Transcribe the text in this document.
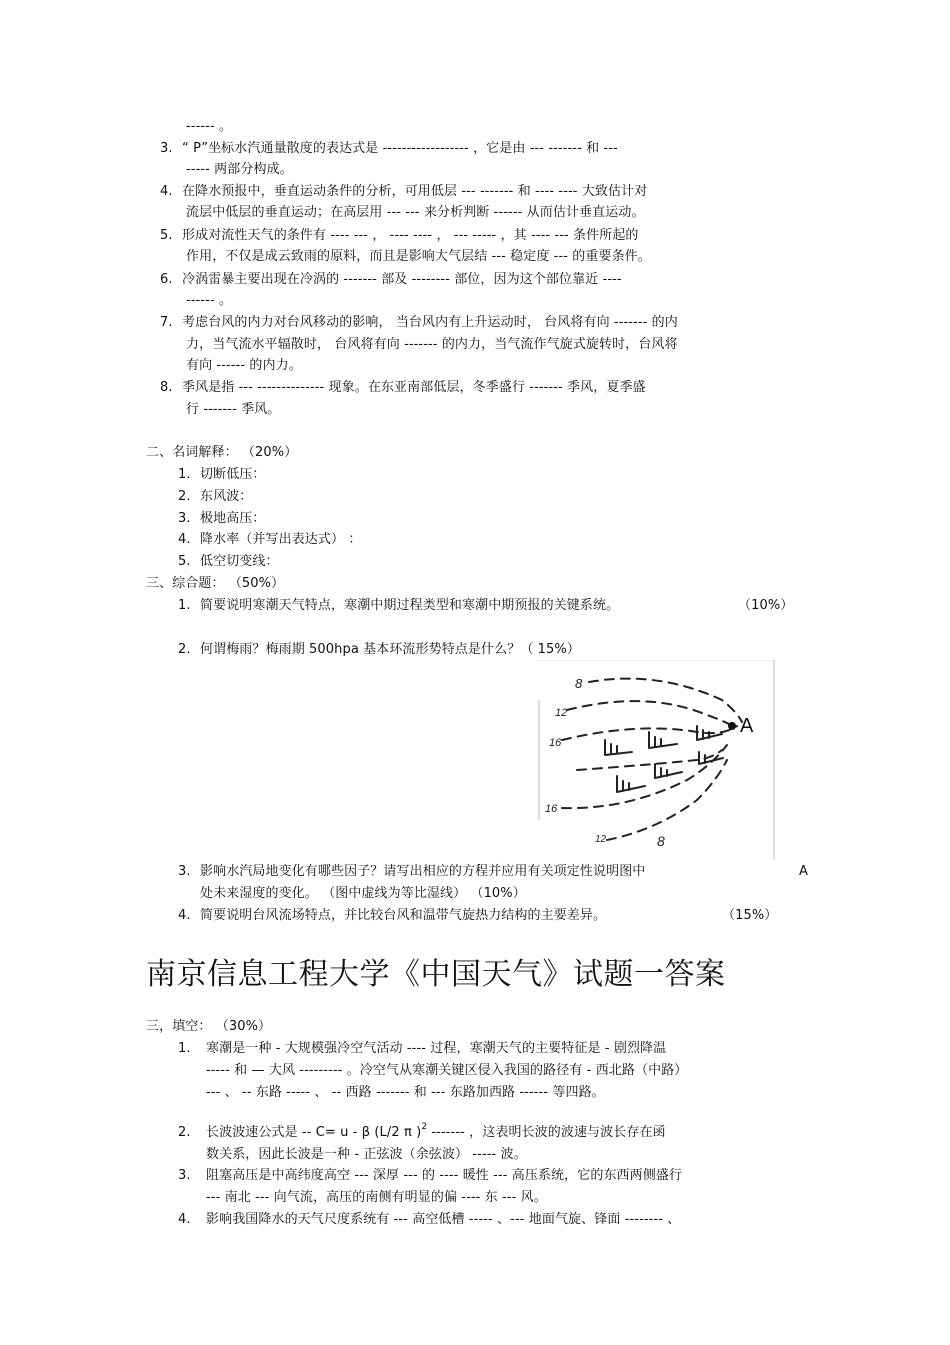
------ 。
3. “ P”坐标水汽通量散度的表达式是 ------------------ ，它是由 --- ------- 和 ---
----- 两部分构成。
4. 在降水预报中，垂直运动条件的分析，可用低层 --- ------- 和 ---- ---- 大致估计对
流层中低层的垂直运动；在高层用 --- --- 来分析判断 ------ 从而估计垂直运动。
5. 形成对流性天气的条件有 ---- --- ， ---- ---- ， --- ----- ，其 ---- --- 条件所起的
作用，不仅是成云致雨的原料，而且是影响大气层结 --- 稳定度 --- 的重要条件。
6. 冷涡雷暴主要出现在冷涡的 ------- 部及 -------- 部位，因为这个部位靠近 ----
------ 。
7. 考虑台风的内力对台风移动的影响， 当台风内有上升运动时， 台风将有向 ------- 的内
力，当气流水平辐散时， 台风将有向 ------- 的内力，当气流作气旋式旋转时，台风将
有向 ------ 的内力。
8. 季风是指 --- -------------- 现象。在东亚南部低层，冬季盛行 ------- 季风，夏季盛
行 ------- 季风。
二、名词解释： （20%）
1. 切断低压：
2. 东风波：
3. 极地高压：
4. 降水率（并写出表达式） ：
5. 低空切变线：
三、综合题： （50%）
1. 简要说明寒潮天气特点，寒潮中期过程类型和寒潮中期预报的关键系统。	（10%）
2. 何谓梅雨？梅雨期 500hpa 基本环流形势特点是什么？（ 15%）
A
8
12
16
16
12	8
3. 影响水汽局地变化有哪些因子？请写出相应的方程并应用有关项定性说明图中	A
处未来湿度的变化。 （图中虚线为等比湿线） （10%）
4. 简要说明台风流场特点，并比较台风和温带气旋热力结构的主要差异。	（15%）
南京信息工程大学《中国天气》试题一答案
三，填空： （30%）
1. 寒潮是一种 - 大规模强冷空气活动 ---- 过程，寒潮天气的主要特征是 - 剧烈降温
----- 和 — 大风 --------- 。冷空气从寒潮关键区侵入我国的路径有 - 西北路（中路）
--- 、 -- 东路 ----- 、 -- 西路 ------- 和 --- 东路加西路 ------ 等四路。
2. 长波波速公式是 -- C= u - β (L/2 π )$^2$ ------- ，这表明长波的波速与波长存在函
数关系，因此长波是一种 - 正弦波（余弦波） ----- 波。
3. 阻塞高压是中高纬度高空 --- 深厚 --- 的 ---- 暖性 --- 高压系统，它的东西两侧盛行
--- 南北 --- 向气流，高压的南侧有明显的偏 ---- 东 --- 风。
4. 影响我国降水的天气尺度系统有 --- 高空低槽 ----- 、--- 地面气旋、锋面 -------- 、
